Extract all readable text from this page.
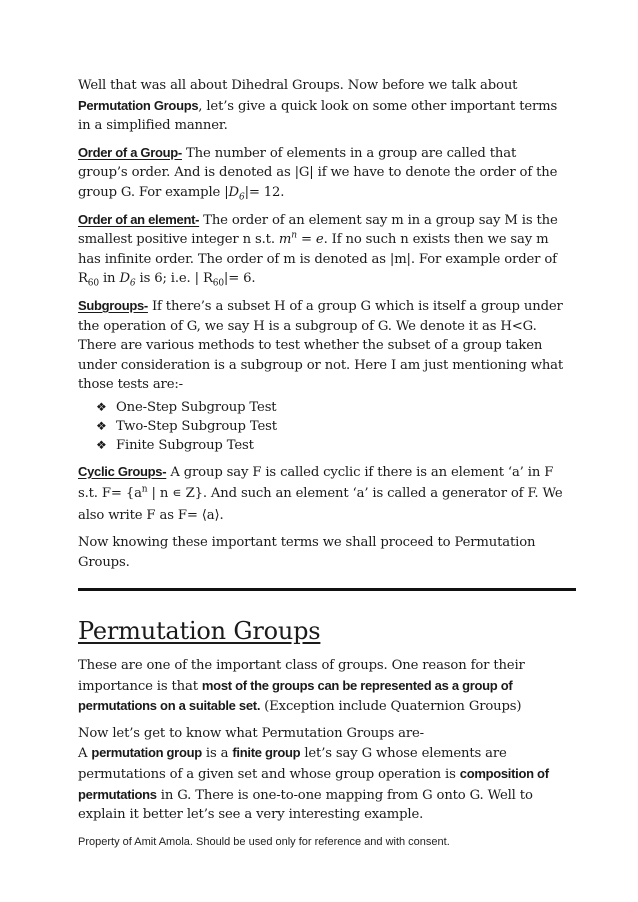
Well that was all about Dihedral Groups. Now before we talk about Permutation Groups, let’s give a quick look on some other important terms in a simplified manner.

Order of a Group- The number of elements in a group are called that group’s order. And is denoted as |G| if we have to denote the order of the group G. For example $|D_6|= 12$.

Order of an element- The order of an element say m in a group say M is the smallest positive integer n s.t. $m^n = e$. If no such n exists then we say m has infinite order. The order of m is denoted as |m|. For example order of $R_{60}$ in $D_6$ is 6; i.e. | $R_{60}|= 6$.

Subgroups- If there’s a subset H of a group G which is itself a group under the operation of G, we say H is a subgroup of G. We denote it as H<G. There are various methods to test whether the subset of a group taken under consideration is a subgroup or not. Here I am just mentioning what those tests are:-

❖ One-Step Subgroup Test
❖ Two-Step Subgroup Test
❖ Finite Subgroup Test

Cyclic Groups- A group say F is called cyclic if there is an element ‘a’ in F s.t. $F= \{a^n$ | n ∊ Z}. And such an element ‘a’ is called a generator of F. We also write F as F= ⟨a⟩.

Now knowing these important terms we shall proceed to Permutation Groups.

Permutation Groups

These are one of the important class of groups. One reason for their importance is that most of the groups can be represented as a group of permutations on a suitable set. (Exception include Quaternion Groups)

Now let’s get to know what Permutation Groups are-
A permutation group is a finite group let’s say G whose elements are permutations of a given set and whose group operation is composition of permutations in G. There is one-to-one mapping from G onto G. Well to explain it better let’s see a very interesting example.

Property of Amit Amola. Should be used only for reference and with consent.
